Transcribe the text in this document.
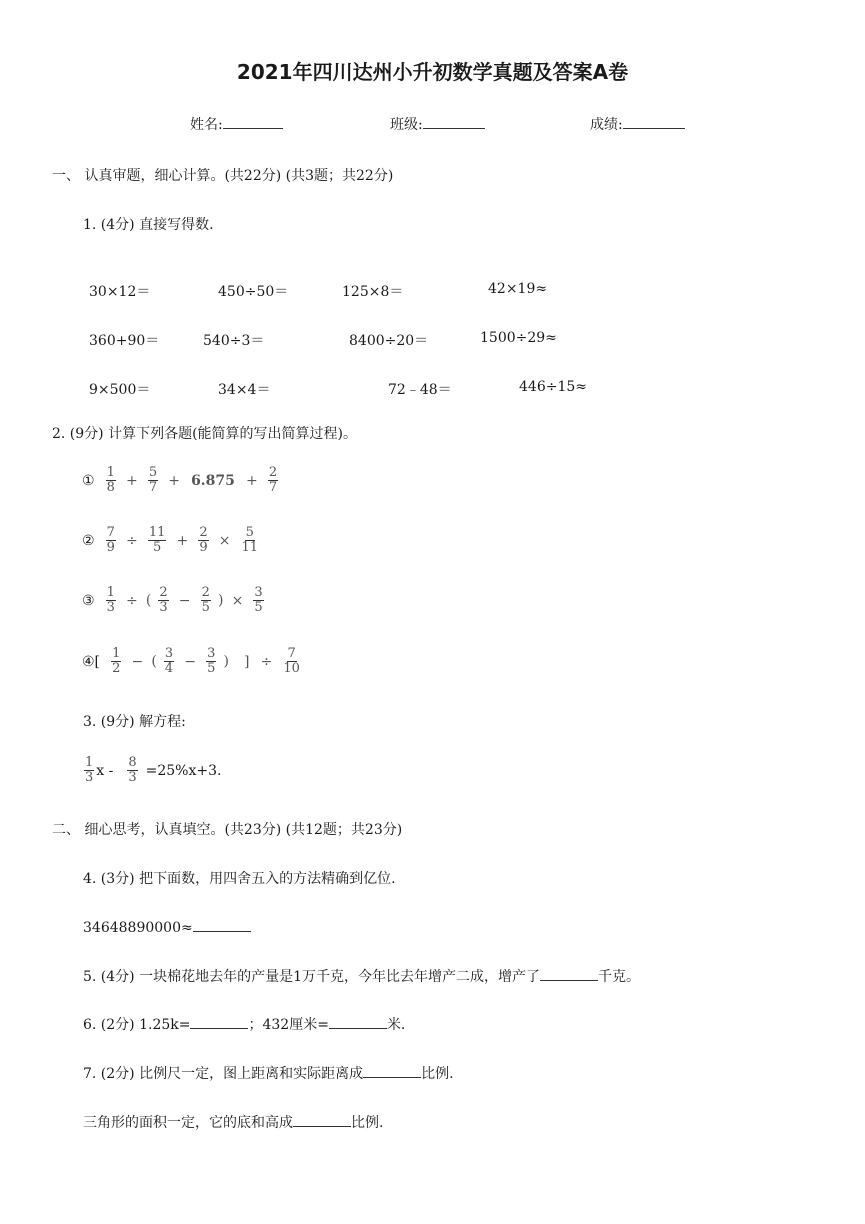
2021年四川达州小升初数学真题及答案A卷
姓名:	班级:	成绩:
一、 认真审题，细心计算。(共22分) (共3题；共22分)
1. (4分) 直接写得数.
30×12＝	450÷50＝	125×8＝	42×19≈
360+90＝	540÷3＝	8400÷20＝	1500÷29≈
9×500＝	34×4＝	72﹣48＝	446÷15≈
2. (9分) 计算下列各题(能简算的写出简算过程)。
① $\frac{1}{8} + \frac{5}{7} + 6.875 + \frac{2}{7}$
② $\frac{7}{9} \div \frac{11}{5} + \frac{2}{9} \times \frac{5}{11}$
③ $\frac{1}{3}$ ÷ ( $\frac{2}{3} - \frac{2}{5}$ ) × $\frac{3}{5}$
④[ $\frac{1}{2}$ − ( $\frac{3}{4} - \frac{3}{5}$ ) ] ÷ $\frac{7}{10}$
3. (9分) 解方程:
$\frac{1}{3}$ $x - \frac{8}{3} =25\%x+3$.
二、 细心思考，认真填空。(共23分) (共12题；共23分)
4. (3分) 把下面数，用四舍五入的方法精确到亿位.
34648890000≈
5. (4分) 一块棉花地去年的产量是1万千克，今年比去年增产二成，增产了	千克。
6. (2分) 1.25k=	；432厘米=	米.
7. (2分) 比例尺一定，图上距离和实际距离成	比例.
三角形的面积一定，它的底和高成	比例.
